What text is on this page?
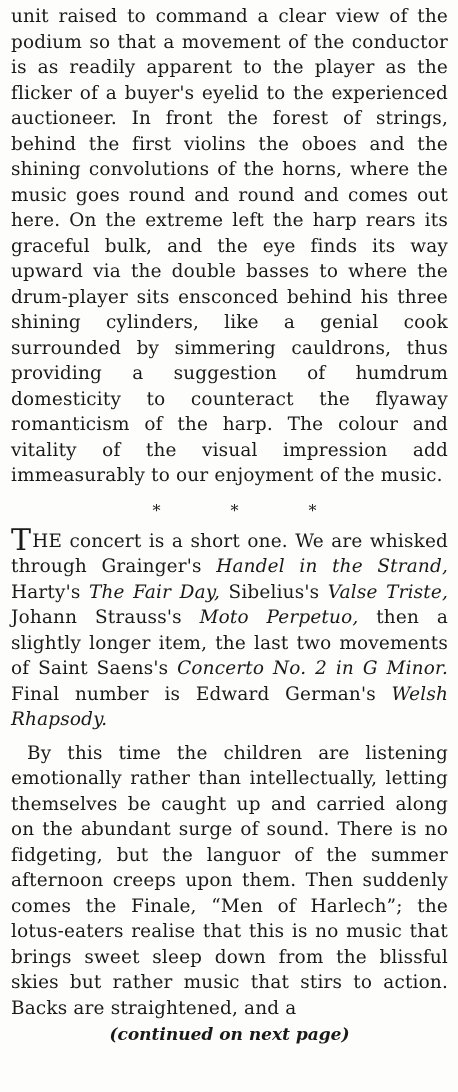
unit raised to command a clear view of the podium so that a movement of the conductor is as readily apparent to the player as the flicker of a buyer's eyelid to the experienced auctioneer. In front the forest of strings, behind the first violins the oboes and the shining convolutions of the horns, where the music goes round and round and comes out here. On the extreme left the harp rears its graceful bulk, and the eye finds its way upward via the double basses to where the drum-player sits ensconced behind his three shining cylinders, like a genial cook surrounded by simmering cauldrons, thus providing a suggestion of humdrum domesticity to counteract the flyaway romanticism of the harp. The colour and vitality of the visual impression add immeasurably to our enjoyment of the music.

*	*	*

THE concert is a short one. We are whisked through Grainger's Handel in the Strand, Harty's The Fair Day, Sibelius's Valse Triste, Johann Strauss's Moto Perpetuo, then a slightly longer item, the last two movements of Saint Saens's Concerto No. 2 in G Minor. Final number is Edward German's Welsh Rhapsody.

By this time the children are listening emotionally rather than intellectually, letting themselves be caught up and carried along on the abundant surge of sound. There is no fidgeting, but the languor of the summer afternoon creeps upon them. Then suddenly comes the Finale, “Men of Harlech”; the lotus-eaters realise that this is no music that brings sweet sleep down from the blissful skies but rather music that stirs to action. Backs are straightened, and a

(continued on next page)
